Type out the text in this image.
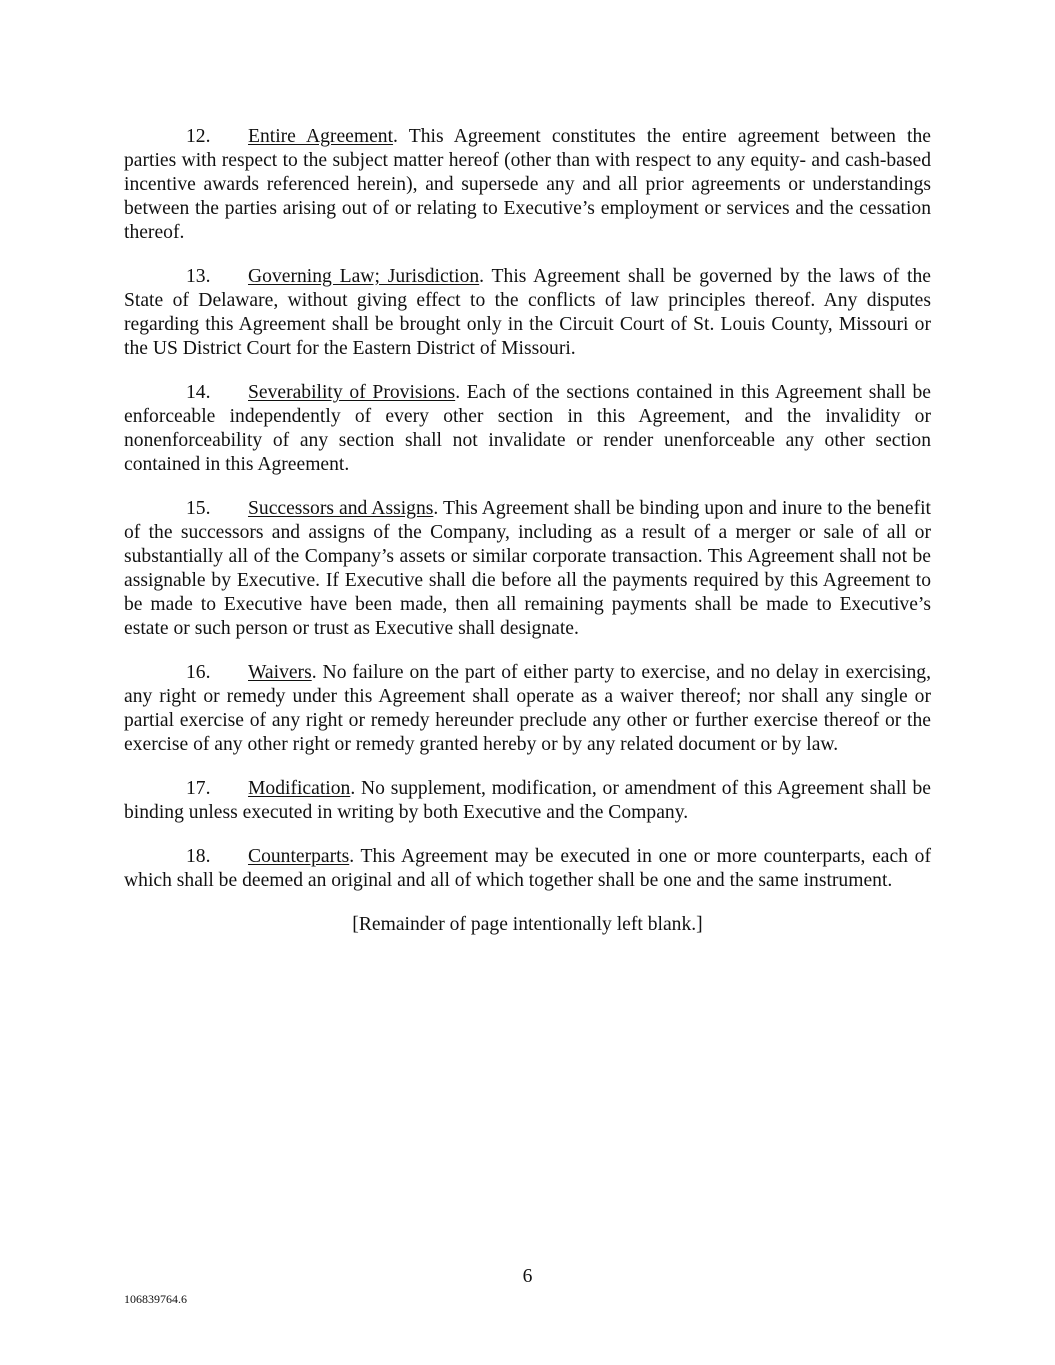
12. Entire Agreement. This Agreement constitutes the entire agreement between the parties with respect to the subject matter hereof (other than with respect to any equity- and cash-based incentive awards referenced herein), and supersede any and all prior agreements or understandings between the parties arising out of or relating to Executive’s employment or services and the cessation thereof.

13. Governing Law; Jurisdiction. This Agreement shall be governed by the laws of the State of Delaware, without giving effect to the conflicts of law principles thereof. Any disputes regarding this Agreement shall be brought only in the Circuit Court of St. Louis County, Missouri or the US District Court for the Eastern District of Missouri.

14. Severability of Provisions. Each of the sections contained in this Agreement shall be enforceable independently of every other section in this Agreement, and the invalidity or nonenforceability of any section shall not invalidate or render unenforceable any other section contained in this Agreement.

15. Successors and Assigns. This Agreement shall be binding upon and inure to the benefit of the successors and assigns of the Company, including as a result of a merger or sale of all or substantially all of the Company’s assets or similar corporate transaction. This Agreement shall not be assignable by Executive. If Executive shall die before all the payments required by this Agreement to be made to Executive have been made, then all remaining payments shall be made to Executive’s estate or such person or trust as Executive shall designate.

16. Waivers. No failure on the part of either party to exercise, and no delay in exercising, any right or remedy under this Agreement shall operate as a waiver thereof; nor shall any single or partial exercise of any right or remedy hereunder preclude any other or further exercise thereof or the exercise of any other right or remedy granted hereby or by any related document or by law.

17. Modification. No supplement, modification, or amendment of this Agreement shall be binding unless executed in writing by both Executive and the Company.

18. Counterparts. This Agreement may be executed in one or more counterparts, each of which shall be deemed an original and all of which together shall be one and the same instrument.

[Remainder of page intentionally left blank.]

6
106839764.6
